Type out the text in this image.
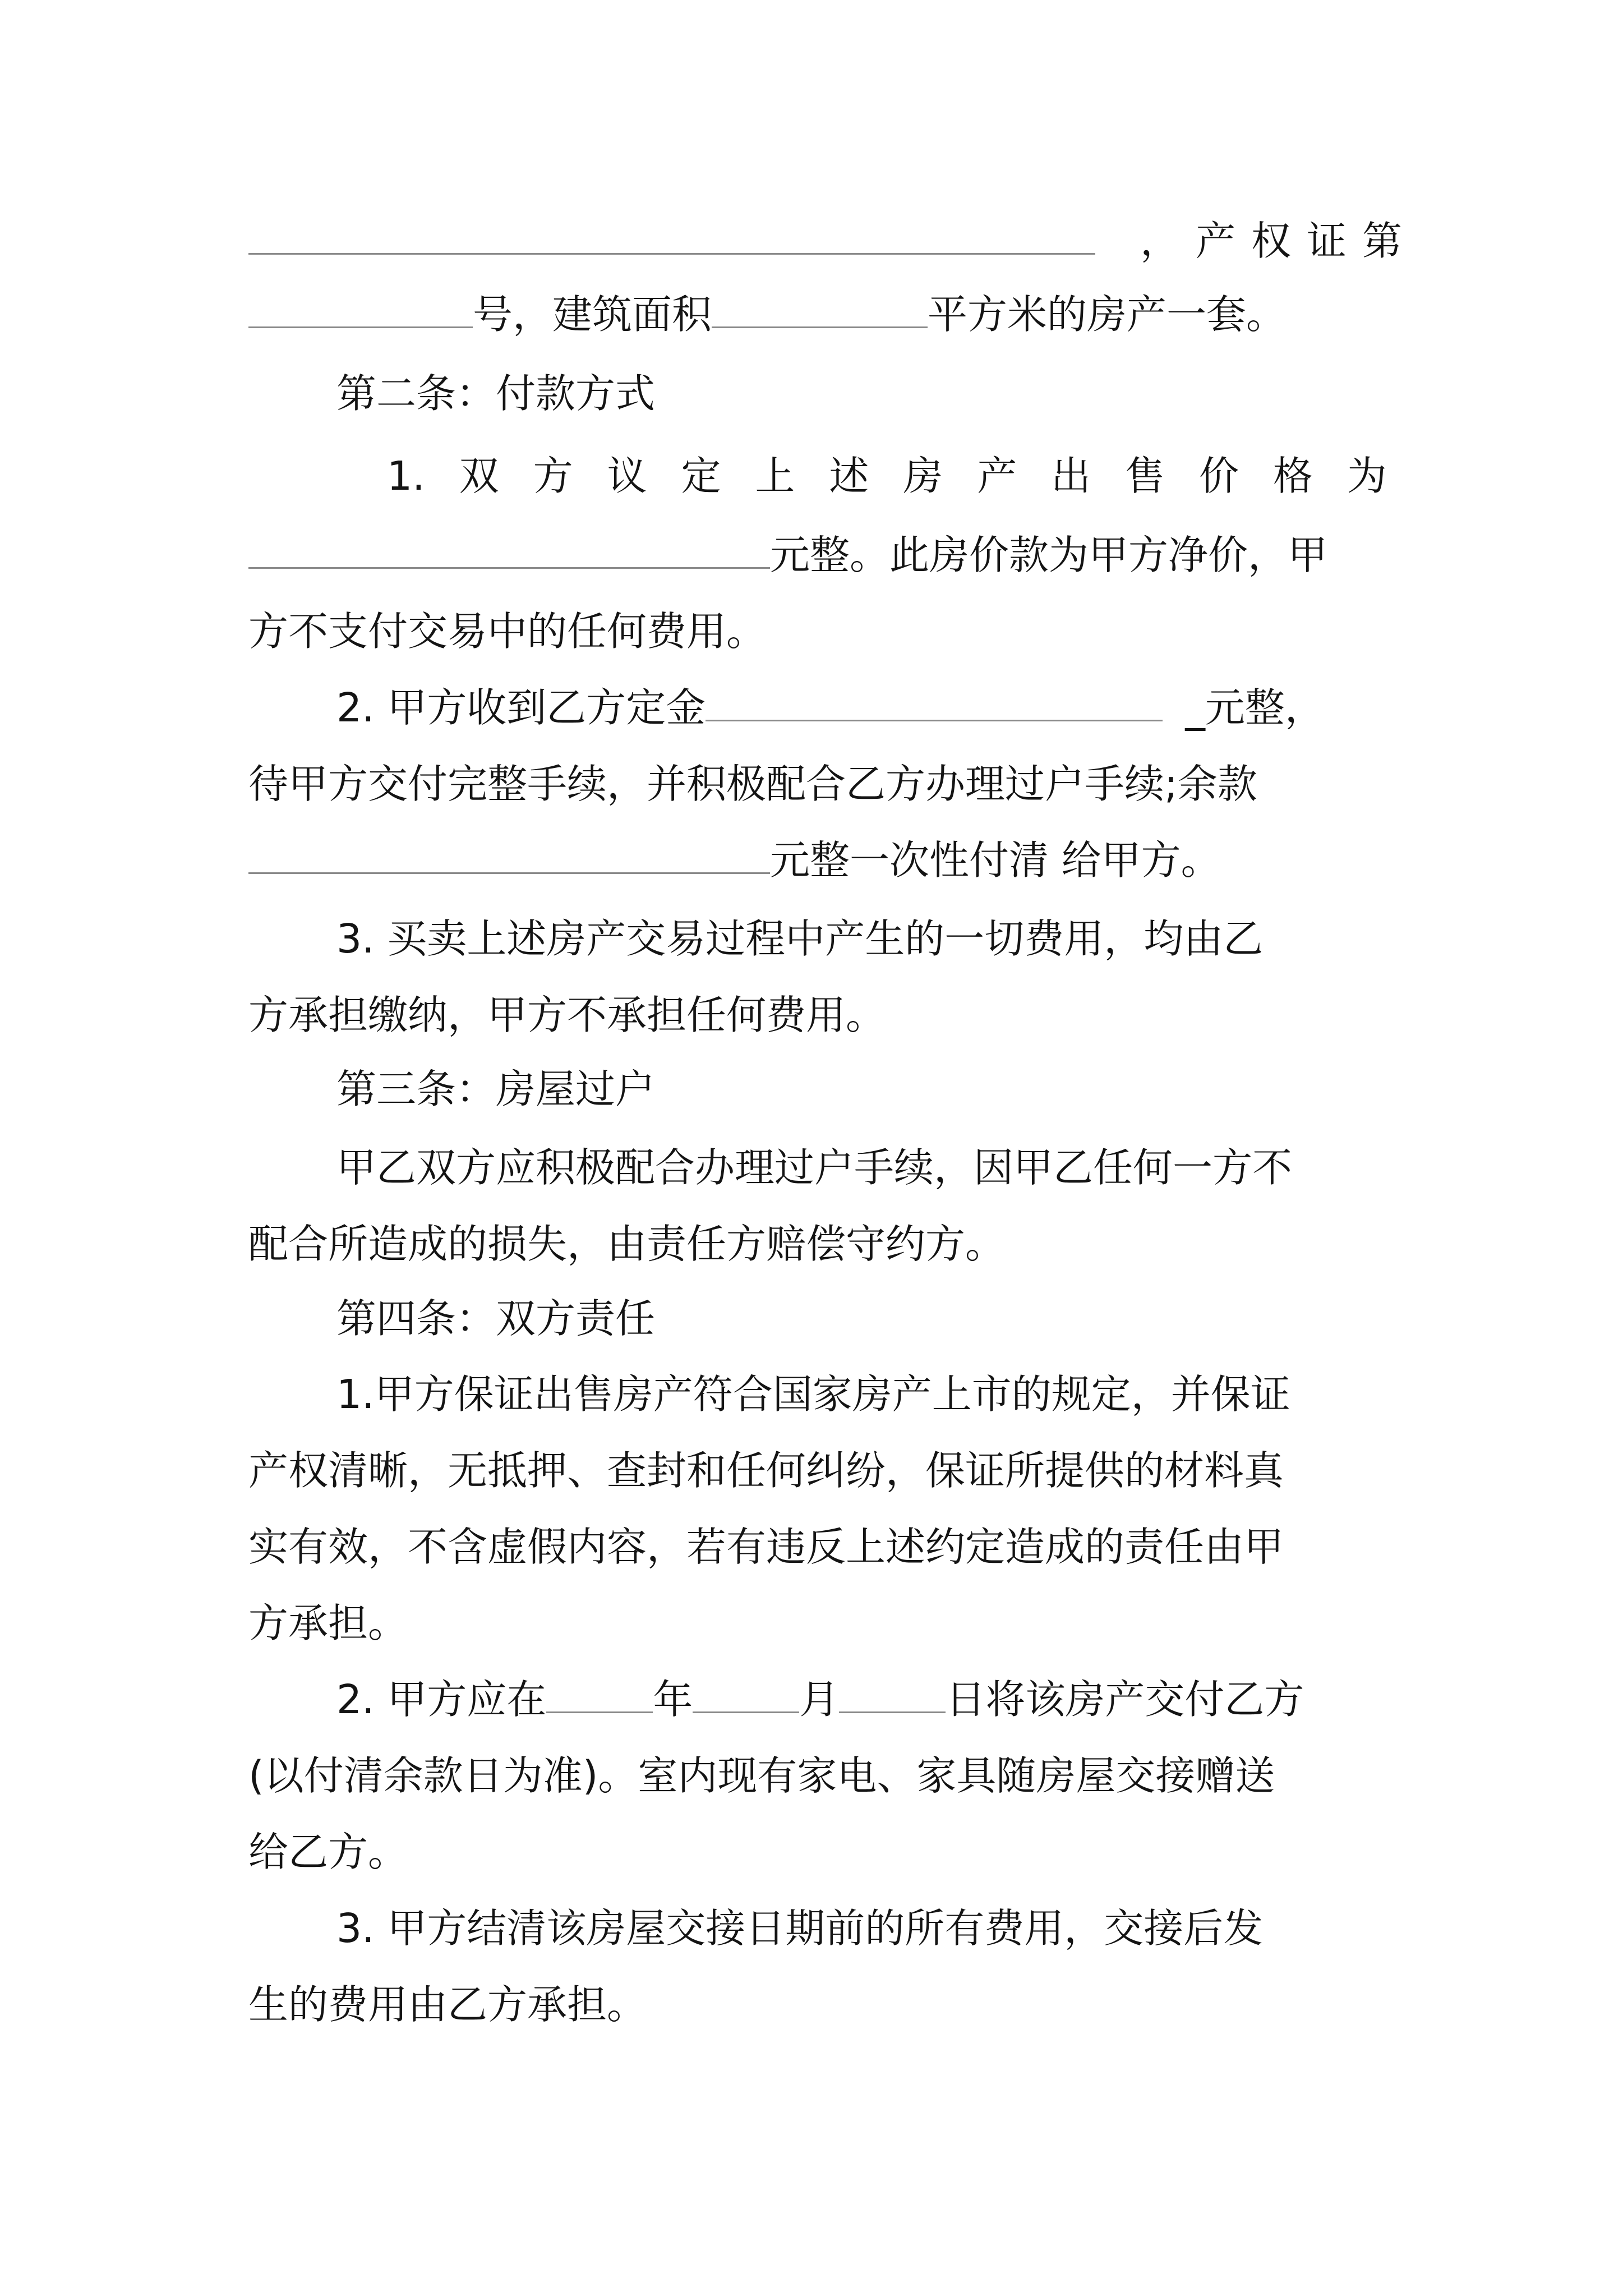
，产权证第
号，建筑面积	平方米的房产一套。
第二条：付款方式
1. 双 方 议 定 上 述 房 产 出 售 价 格 为
元整。此房价款为甲方净价，甲
方不支付交易中的任何费用。
2. 甲方收到乙方定金	_元整，
待甲方交付完整手续，并积极配合乙方办理过户手续;余款
元整一次性付清 给甲方。
3. 买卖上述房产交易过程中产生的一切费用，均由乙
方承担缴纳，甲方不承担任何费用。
第三条：房屋过户
甲乙双方应积极配合办理过户手续，因甲乙任何一方不
配合所造成的损失，由责任方赔偿守约方。
第四条：双方责任
1.甲方保证出售房产符合国家房产上市的规定，并保证
产权清晰，无抵押、查封和任何纠纷，保证所提供的材料真
实有效，不含虚假内容，若有违反上述约定造成的责任由甲
方承担。
2. 甲方应在	年	月	日将该房产交付乙方
(以付清余款日为准)。室内现有家电、家具随房屋交接赠送
给乙方。
3. 甲方结清该房屋交接日期前的所有费用，交接后发
生的费用由乙方承担。
